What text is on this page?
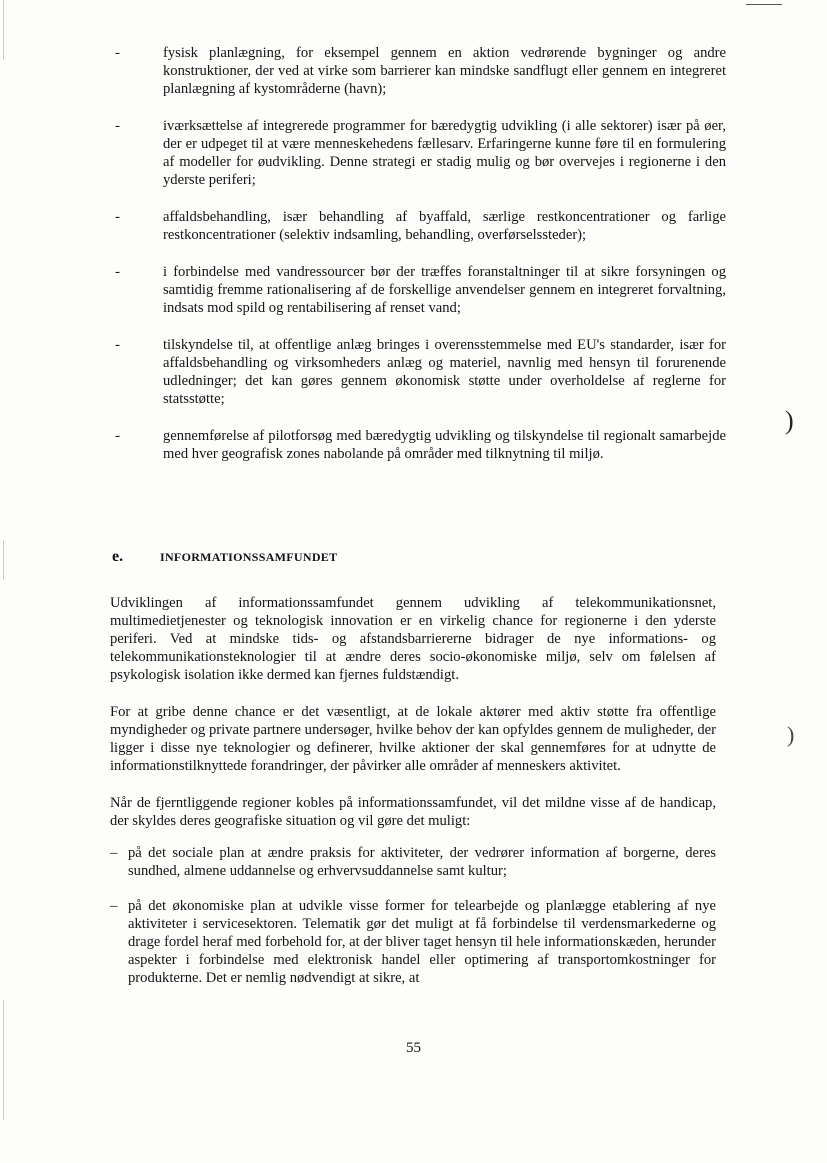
-	fysisk planlægning, for eksempel gennem en aktion vedrørende bygninger og andre konstruktioner, der ved at virke som barrierer kan mindske sandflugt eller gennem en integreret planlægning af kystområderne (havn);
-	iværksættelse af integrerede programmer for bæredygtig udvikling (i alle sektorer) især på øer, der er udpeget til at være menneskehedens fællesarv. Erfaringerne kunne føre til en formulering af modeller for øudvikling. Denne strategi er stadig mulig og bør overvejes i regionerne i den yderste periferi;
-	affaldsbehandling, især behandling af byaffald, særlige restkoncentrationer og farlige restkoncentrationer (selektiv indsamling, behandling, overførselssteder);
-	i forbindelse med vandressourcer bør der træffes foranstaltninger til at sikre forsyningen og samtidig fremme rationalisering af de forskellige anvendelser gennem en integreret forvaltning, indsats mod spild og rentabilisering af renset vand;
-	tilskyndelse til, at offentlige anlæg bringes i overensstemmelse med EU's standarder, især for affaldsbehandling og virksomheders anlæg og materiel, navnlig med hensyn til forurenende udledninger; det kan gøres gennem økonomisk støtte under overholdelse af reglerne for statsstøtte;
-	gennemførelse af pilotforsøg med bæredygtig udvikling og tilskyndelse til regionalt samarbejde med hver geografisk zones nabolande på områder med tilknytning til miljø.
e.	INFORMATIONSSAMFUNDET

Udviklingen af informationssamfundet gennem udvikling af telekommunikationsnet, multimedietjenester og teknologisk innovation er en virkelig chance for regionerne i den yderste periferi. Ved at mindske tids- og afstandsbarriererne bidrager de nye informations- og telekommunikationsteknologier til at ændre deres socio-økonomiske miljø, selv om følelsen af psykologisk isolation ikke dermed kan fjernes fuldstændigt.

For at gribe denne chance er det væsentligt, at de lokale aktører med aktiv støtte fra offentlige myndigheder og private partnere undersøger, hvilke behov der kan opfyldes gennem de muligheder, der ligger i disse nye teknologier og definerer, hvilke aktioner der skal gennemføres for at udnytte de informationstilknyttede forandringer, der påvirker alle områder af menneskers aktivitet.

Når de fjerntliggende regioner kobles på informationssamfundet, vil det mildne visse af de handicap, der skyldes deres geografiske situation og vil gøre det muligt:

– på det sociale plan at ændre praksis for aktiviteter, der vedrører information af borgerne, deres sundhed, almene uddannelse og erhvervsuddannelse samt kultur;
– på det økonomiske plan at udvikle visse former for telearbejde og planlægge etablering af nye aktiviteter i servicesektoren. Telematik gør det muligt at få forbindelse til verdensmarkederne og drage fordel heraf med forbehold for, at der bliver taget hensyn til hele informationskæden, herunder aspekter i forbindelse med elektronisk handel eller optimering af transportomkostninger for produkterne. Det er nemlig nødvendigt at sikre, at
)
)
55
